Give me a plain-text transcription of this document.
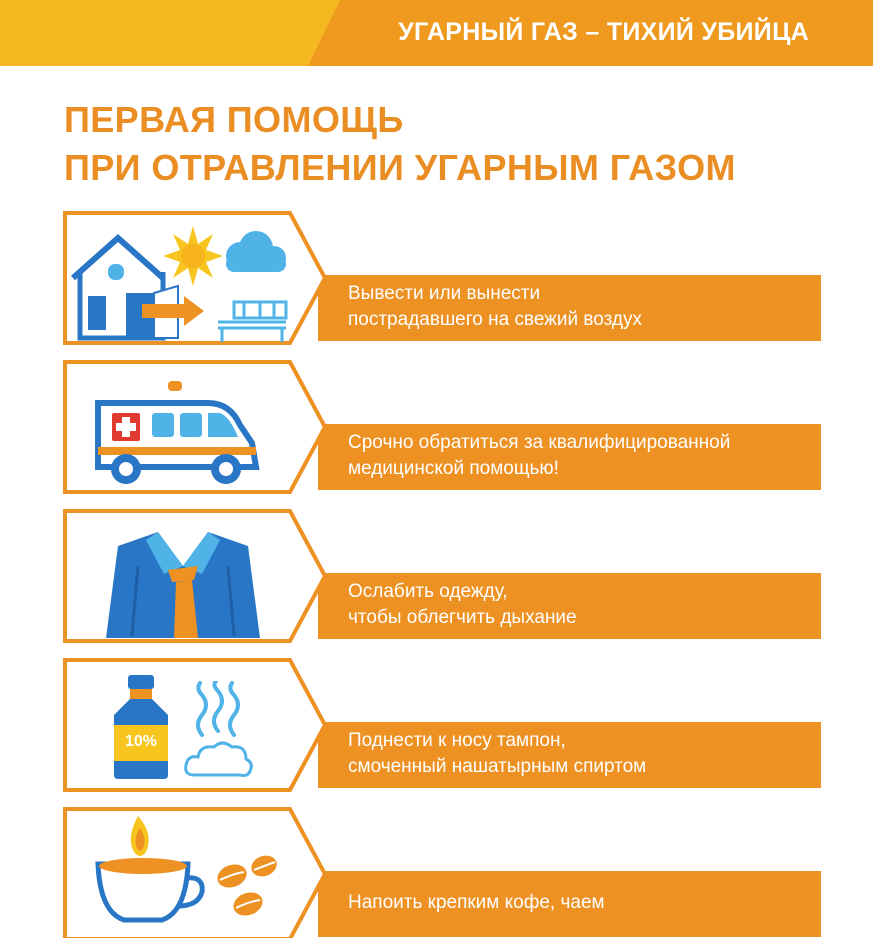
УГАРНЫЙ ГАЗ – ТИХИЙ УБИЙЦА
ПЕРВАЯ ПОМОЩЬ
ПРИ ОТРАВЛЕНИИ УГАРНЫМ ГАЗОМ
Вывести или вынести
пострадавшего на свежий воздух
Срочно обратиться за квалифицированной
медицинской помощью!
Ослабить одежду,
чтобы облегчить дыхание
10%	Поднести к носу тампон,
смоченный нашатырным спиртом
Напоить крепким кофе, чаем
